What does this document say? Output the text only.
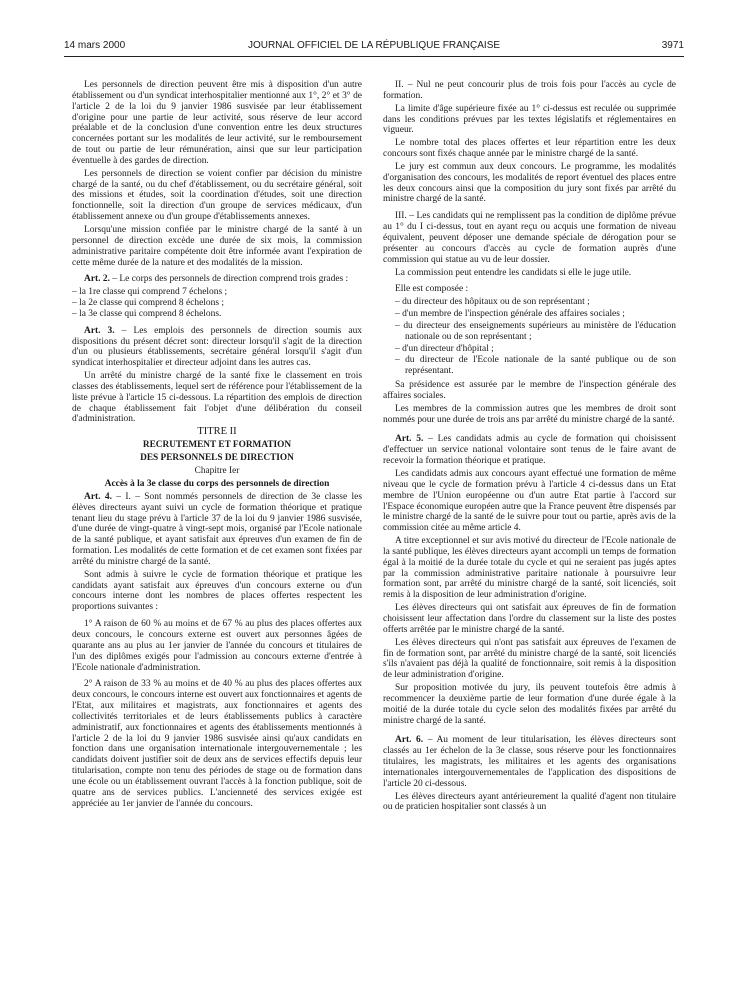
14 mars 2000	JOURNAL OFFICIEL DE LA RÉPUBLIQUE FRANÇAISE	3971

Les personnels de direction peuvent être mis à disposition d'un autre établissement ou d'un syndicat interhospitalier mentionné aux 1°, 2° et 3° de l'article 2 de la loi du 9 janvier 1986 susvisée par leur établissement d'origine pour une partie de leur activité, sous réserve de leur accord préalable et de la conclusion d'une convention entre les deux structures concernées portant sur les modalités de leur activité, sur le remboursement de tout ou partie de leur rémunération, ainsi que sur leur participation éventuelle à des gardes de direction.

Les personnels de direction se voient confier par décision du ministre chargé de la santé, ou du chef d'établissement, ou du secrétaire général, soit des missions et études, soit la coordination d'études, soit une direction fonctionnelle, soit la direction d'un groupe de services médicaux, d'un établissement annexe ou d'un groupe d'établissements annexes.

Lorsqu'une mission confiée par le ministre chargé de la santé à un personnel de direction excède une durée de six mois, la commission administrative paritaire compétente doit être informée avant l'expiration de cette même durée de la nature et des modalités de la mission.

Art. 2. – Le corps des personnels de direction comprend trois grades :

– la 1re classe qui comprend 7 échelons ;
– la 2e classe qui comprend 8 échelons ;
– la 3e classe qui comprend 8 échelons.

Art. 3. – Les emplois des personnels de direction soumis aux dispositions du présent décret sont: directeur lorsqu'il s'agit de la direction d'un ou plusieurs établissements, secrétaire général lorsqu'il s'agit d'un syndicat interhospitalier et directeur adjoint dans les autres cas.

Un arrêté du ministre chargé de la santé fixe le classement en trois classes des établissements, lequel sert de référence pour l'établissement de la liste prévue à l'article 15 ci-dessous. La répartition des emplois de direction de chaque établissement fait l'objet d'une délibération du conseil d'administration.

TITRE II

RECRUTEMENT ET FORMATION

DES PERSONNELS DE DIRECTION

Chapitre Ier

Accès à la 3e classe du corps des personnels de direction

Art. 4. – I. – Sont nommés personnels de direction de 3e classe les élèves directeurs ayant suivi un cycle de formation théorique et pratique tenant lieu du stage prévu à l'article 37 de la loi du 9 janvier 1986 susvisée, d'une durée de vingt-quatre à vingt-sept mois, organisé par l'Ecole nationale de la santé publique, et ayant satisfait aux épreuves d'un examen de fin de formation. Les modalités de cette formation et de cet examen sont fixées par arrêté du ministre chargé de la santé.

Sont admis à suivre le cycle de formation théorique et pratique les candidats ayant satisfait aux épreuves d'un concours externe ou d'un concours interne dont les nombres de places offertes respectent les proportions suivantes :

1° A raison de 60 % au moins et de 67 % au plus des places offertes aux deux concours, le concours externe est ouvert aux personnes âgées de quarante ans au plus au 1er janvier de l'année du concours et titulaires de l'un des diplômes exigés pour l'admission au concours externe d'entrée à l'Ecole nationale d'administration.

2° A raison de 33 % au moins et de 40 % au plus des places offertes aux deux concours, le concours interne est ouvert aux fonctionnaires et agents de l'Etat, aux militaires et magistrats, aux fonctionnaires et agents des collectivités territoriales et de leurs établissements publics à caractère administratif, aux fonctionnaires et agents des établissements mentionnés à l'article 2 de la loi du 9 janvier 1986 susvisée ainsi qu'aux candidats en fonction dans une organisation internationale intergouvernementale ; les candidats doivent justifier soit de deux ans de services effectifs depuis leur titularisation, compte non tenu des périodes de stage ou de formation dans une école ou un établissement ouvrant l'accès à la fonction publique, soit de quatre ans de services publics. L'ancienneté des services exigée est appréciée au 1er janvier de l'année du concours.

II. – Nul ne peut concourir plus de trois fois pour l'accès au cycle de formation.

La limite d'âge supérieure fixée au 1° ci-dessus est reculée ou supprimée dans les conditions prévues par les textes législatifs et réglementaires en vigueur.

Le nombre total des places offertes et leur répartition entre les deux concours sont fixés chaque année par le ministre chargé de la santé.

Le jury est commun aux deux concours. Le programme, les modalités d'organisation des concours, les modalités de report éventuel des places entre les deux concours ainsi que la composition du jury sont fixés par arrêté du ministre chargé de la santé.

III. – Les candidats qui ne remplissent pas la condition de diplôme prévue au 1° du I ci-dessus, tout en ayant reçu ou acquis une formation de niveau équivalent, peuvent déposer une demande spéciale de dérogation pour se présenter au concours d'accès au cycle de formation auprès d'une commission qui statue au vu de leur dossier.

La commission peut entendre les candidats si elle le juge utile.

Elle est composée :

– du directeur des hôpitaux ou de son représentant ;
– d'un membre de l'inspection générale des affaires sociales ;
– du directeur des enseignements supérieurs au ministère de l'éducation nationale ou de son représentant ;
– d'un directeur d'hôpital ;
– du directeur de l'Ecole nationale de la santé publique ou de son représentant.

Sa présidence est assurée par le membre de l'inspection générale des affaires sociales.

Les membres de la commission autres que les membres de droit sont nommés pour une durée de trois ans par arrêté du ministre chargé de la santé.

Art. 5. – Les candidats admis au cycle de formation qui choisissent d'effectuer un service national volontaire sont tenus de le faire avant de recevoir la formation théorique et pratique.

Les candidats admis aux concours ayant effectué une formation de même niveau que le cycle de formation prévu à l'article 4 ci-dessus dans un Etat membre de l'Union européenne ou d'un autre Etat partie à l'accord sur l'Espace économique européen autre que la France peuvent être dispensés par le ministre chargé de la santé de le suivre pour tout ou partie, après avis de la commission citée au même article 4.

A titre exceptionnel et sur avis motivé du directeur de l'Ecole nationale de la santé publique, les élèves directeurs ayant accompli un temps de formation égal à la moitié de la durée totale du cycle et qui ne seraient pas jugés aptes par la commission administrative paritaire nationale à poursuivre leur formation sont, par arrêté du ministre chargé de la santé, soit licenciés, soit remis à la disposition de leur administration d'origine.

Les élèves directeurs qui ont satisfait aux épreuves de fin de formation choisissent leur affectation dans l'ordre du classement sur la liste des postes offerts arrêtée par le ministre chargé de la santé.

Les élèves directeurs qui n'ont pas satisfait aux épreuves de l'examen de fin de formation sont, par arrêté du ministre chargé de la santé, soit licenciés s'ils n'avaient pas déjà la qualité de fonctionnaire, soit remis à la disposition de leur administration d'origine.

Sur proposition motivée du jury, ils peuvent toutefois être admis à recommencer la deuxième partie de leur formation d'une durée égale à la moitié de la durée totale du cycle selon des modalités fixées par arrêté du ministre chargé de la santé.

Art. 6. – Au moment de leur titularisation, les élèves directeurs sont classés au 1er échelon de la 3e classe, sous réserve pour les fonctionnaires titulaires, les magistrats, les militaires et les agents des organisations internationales intergouvernementales de l'application des dispositions de l'article 20 ci-dessous.

Les élèves directeurs ayant antérieurement la qualité d'agent non titulaire ou de praticien hospitalier sont classés à un
